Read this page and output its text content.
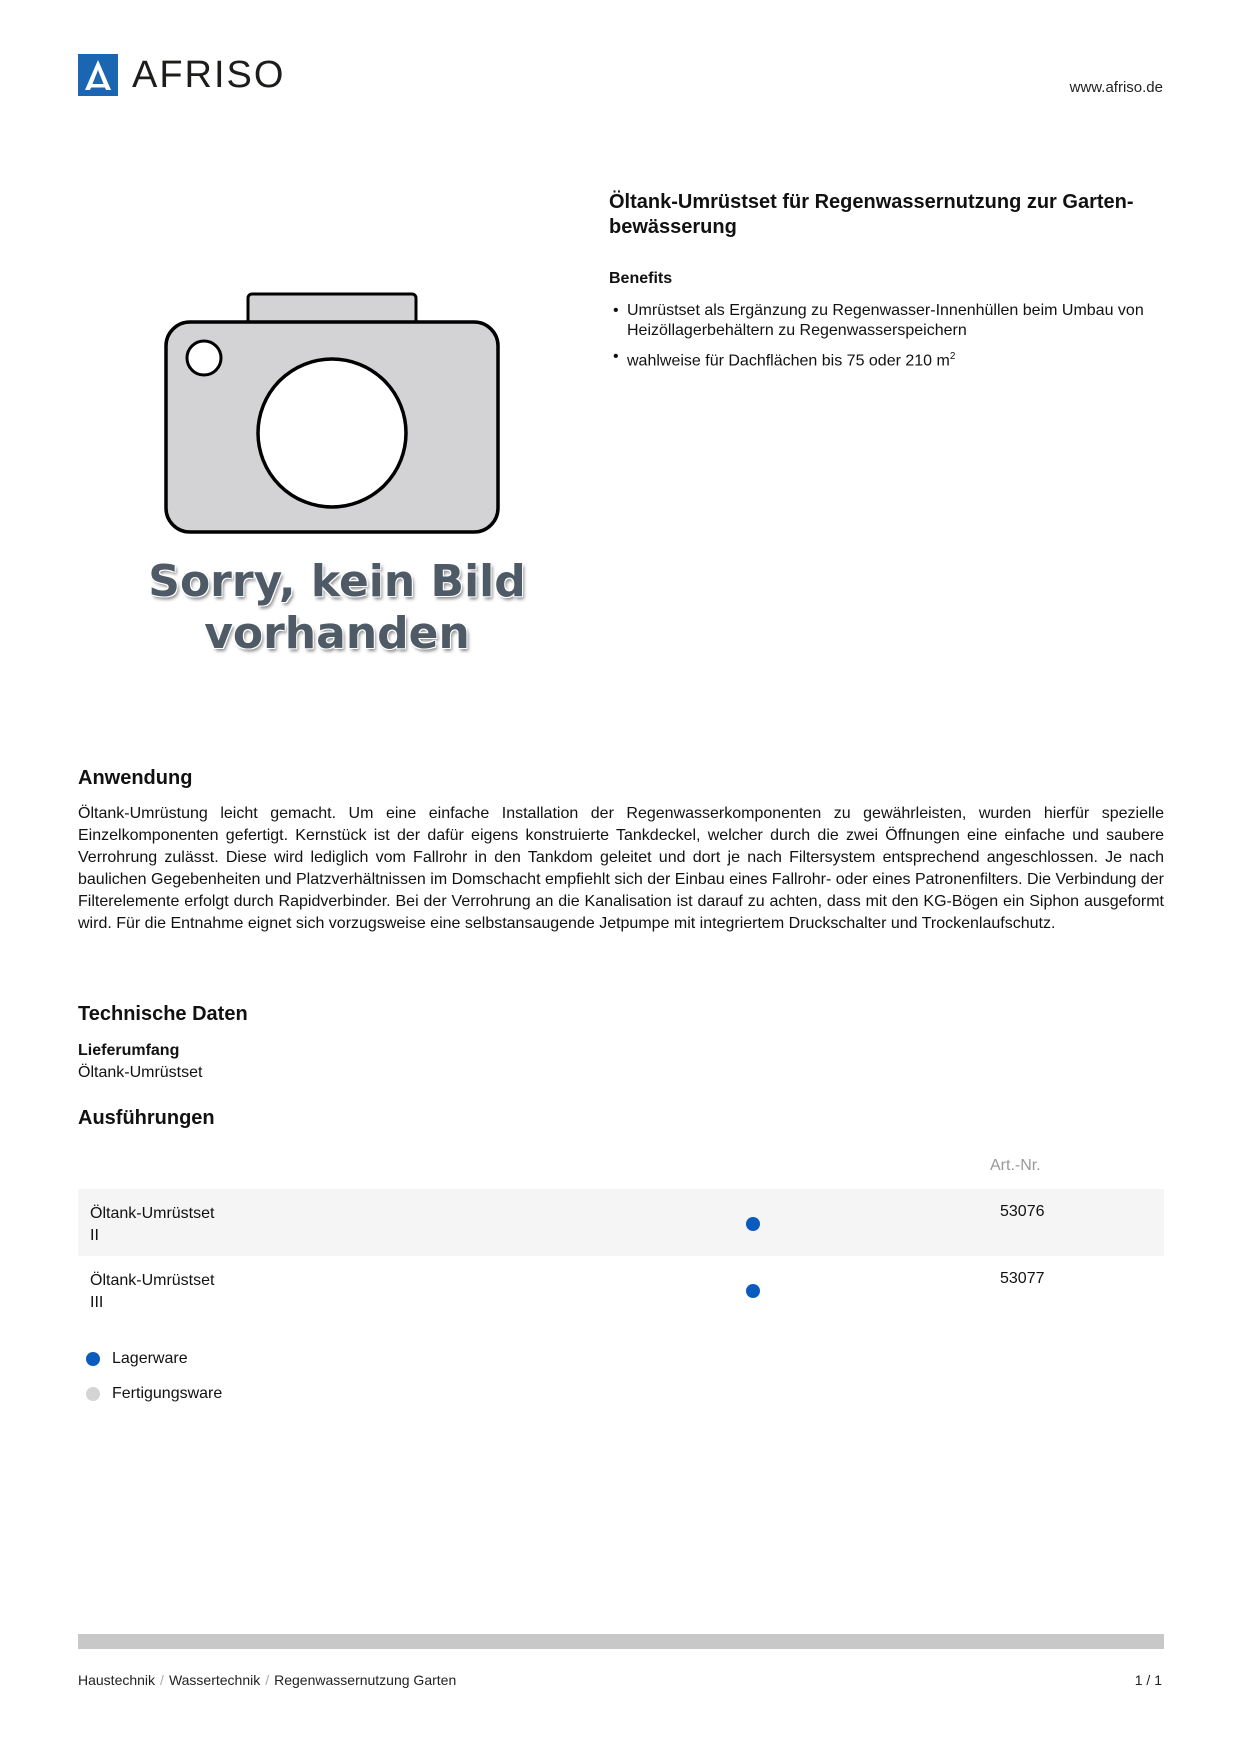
AFRISO	www.afriso.de
Sorry, kein Bild
vorhanden
Öltank-Umrüstset für Regenwassernutzung zur Garten-
bewässerung
Benefits
• Umrüstset als Ergänzung zu Regenwasser-Innenhüllen beim Umbau von Heizöllagerbehältern zu Regenwasserspeichern
• wahlweise für Dachflächen bis 75 oder 210 $m^2$
Anwendung
Öltank-Umrüstung leicht gemacht. Um eine einfache Installation der Regenwasserkomponenten zu gewährleisten, wurden hierfür spezielle Einzelkomponenten gefertigt. Kernstück ist der dafür eigens konstruierte Tankdeckel, welcher durch die zwei Öffnungen eine einfache und saubere Verrohrung zulässt. Diese wird lediglich vom Fallrohr in den Tankdom geleitet und dort je nach Filtersystem entsprechend angeschlossen. Je nach baulichen Gegebenheiten und Platzverhältnissen im Domschacht empfiehlt sich der Einbau eines Fallrohr- oder eines Patronenfilters. Die Verbindung der Filterelemente erfolgt durch Rapidverbinder. Bei der Verrohrung an die Kanalisation ist darauf zu achten, dass mit den KG-Bögen ein Siphon ausgeformt wird. Für die Entnahme eignet sich vorzugsweise eine selbstansaugende Jetpumpe mit integriertem Druckschalter und Trockenlaufschutz.
Technische Daten
Lieferumfang
Öltank-Umrüstset
Ausführungen
Art.-Nr.
Öltank-Umrüstset
II
53076
Öltank-Umrüstset
III
53077
Lagerware
Fertigungsware
Haustechnik / Wassertechnik / Regenwassernutzung Garten	1 / 1
